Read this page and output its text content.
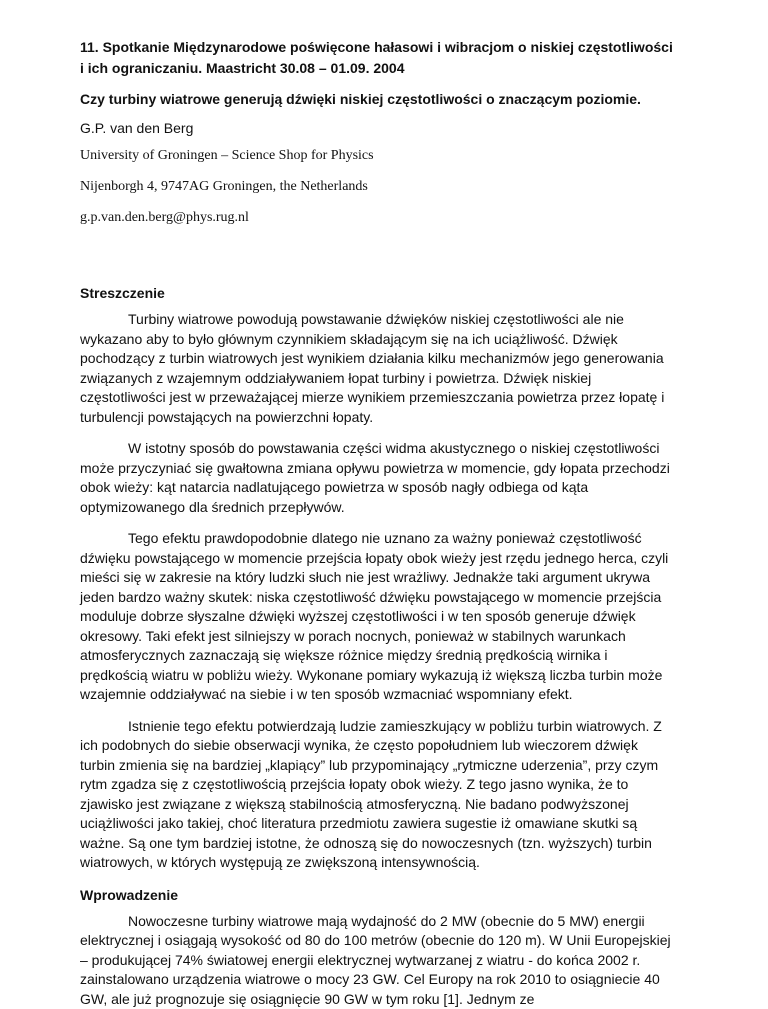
11. Spotkanie Międzynarodowe poświęcone hałasowi i wibracjom o niskiej częstotliwości i ich ograniczaniu. Maastricht 30.08 – 01.09. 2004

Czy turbiny wiatrowe generują dźwięki niskiej częstotliwości o znaczącym poziomie.

G.P. van den Berg

University of Groningen – Science Shop for Physics

Nijenborgh 4, 9747AG Groningen, the Netherlands

g.p.van.den.berg@phys.rug.nl

Streszczenie

Turbiny wiatrowe powodują powstawanie dźwięków niskiej częstotliwości ale nie wykazano aby to było głównym czynnikiem składającym się na ich uciążliwość. Dźwięk pochodzący z turbin wiatrowych jest wynikiem działania kilku mechanizmów jego generowania związanych z wzajemnym oddziaływaniem łopat turbiny i powietrza. Dźwięk niskiej częstotliwości jest w przeważającej mierze wynikiem przemieszczania powietrza przez łopatę i turbulencji powstających na powierzchni łopaty.

W istotny sposób do powstawania części widma akustycznego o niskiej częstotliwości może przyczyniać się gwałtowna zmiana opływu powietrza w momencie, gdy łopata przechodzi obok wieży: kąt natarcia nadlatującego powietrza w sposób nagły odbiega od kąta optymizowanego dla średnich przepływów.

Tego efektu prawdopodobnie dlatego nie uznano za ważny ponieważ częstotliwość dźwięku powstającego w momencie przejścia łopaty obok wieży jest rzędu jednego herca, czyli mieści się w zakresie na który ludzki słuch nie jest wrażliwy. Jednakże taki argument ukrywa jeden bardzo ważny skutek: niska częstotliwość dźwięku powstającego w momencie przejścia moduluje dobrze słyszalne dźwięki wyższej częstotliwości i w ten sposób generuje dźwięk okresowy. Taki efekt jest silniejszy w porach nocnych, ponieważ w stabilnych warunkach atmosferycznych zaznaczają się większe różnice między średnią prędkością wirnika i prędkością wiatru w pobliżu wieży. Wykonane pomiary wykazują iż większą liczba turbin może wzajemnie oddziaływać na siebie i w ten sposób wzmacniać wspomniany efekt.

Istnienie tego efektu potwierdzają ludzie zamieszkujący w pobliżu turbin wiatrowych. Z ich podobnych do siebie obserwacji wynika, że często popołudniem lub wieczorem dźwięk turbin zmienia się na bardziej „klapiący” lub przypominający „rytmiczne uderzenia”, przy czym rytm zgadza się z częstotliwością przejścia łopaty obok wieży. Z tego jasno wynika, że to zjawisko jest związane z większą stabilnością atmosferyczną. Nie badano podwyższonej uciążliwości jako takiej, choć literatura przedmiotu zawiera sugestie iż omawiane skutki są ważne. Są one tym bardziej istotne, że odnoszą się do nowoczesnych (tzn. wyższych) turbin wiatrowych, w których występują ze zwiększoną intensywnością.

Wprowadzenie

Nowoczesne turbiny wiatrowe mają wydajność do 2 MW (obecnie do 5 MW) energii elektrycznej i osiągają wysokość od 80 do 100 metrów (obecnie do 120 m). W Unii Europejskiej – produkującej 74% światowej energii elektrycznej wytwarzanej z wiatru - do końca 2002 r. zainstalowano urządzenia wiatrowe o mocy 23 GW. Cel Europy na rok 2010 to osiągniecie 40 GW, ale już prognozuje się osiągnięcie 90 GW w tym roku [1]. Jednym ze
